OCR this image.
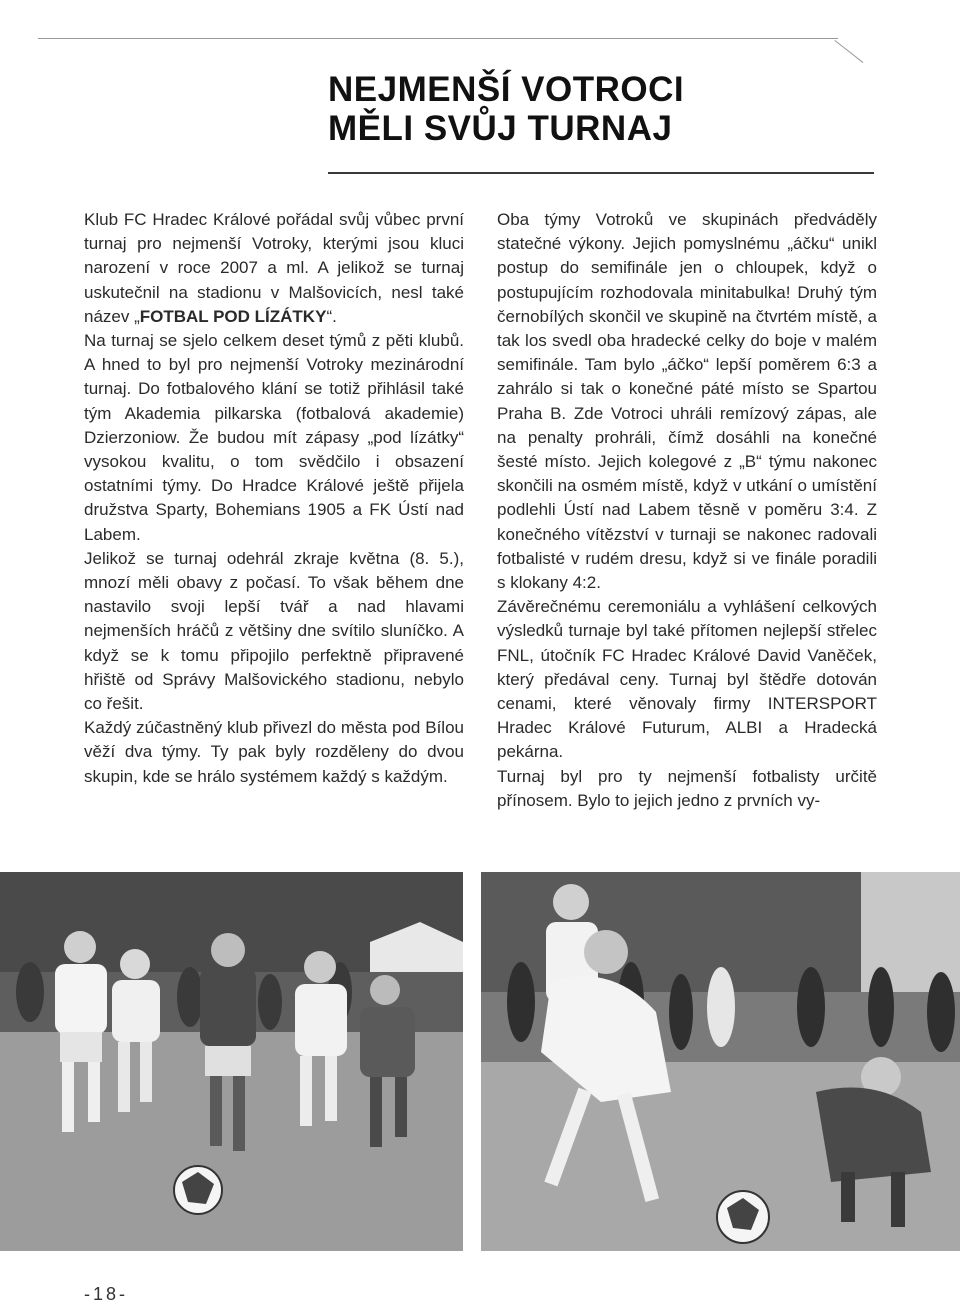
NEJMENŠÍ VOTROCI
MĚLI SVŮJ TURNAJ

Klub FC Hradec Králové pořádal svůj vůbec první turnaj pro nejmenší Votroky, kterými jsou kluci narození v roce 2007 a ml. A jelikož se turnaj uskutečnil na stadionu v Malšovicích, nesl také název „FOTBAL POD LÍZÁTKY“.

Na turnaj se sjelo celkem deset týmů z pěti klubů. A hned to byl pro nejmenší Votroky mezinárodní turnaj. Do fotbalového klání se totiž přihlásil také tým Akademia pilkarska (fotbalová akademie) Dzierzoniow. Že budou mít zápasy „pod lízátky“ vysokou kvalitu, o tom svědčilo i obsazení ostatními týmy. Do Hradce Králové ještě přijela družstva Sparty, Bohemians 1905 a FK Ústí nad Labem.

Jelikož se turnaj odehrál zkraje května (8. 5.), mnozí měli obavy z počasí. To však během dne nastavilo svoji lepší tvář a nad hlavami nejmenších hráčů z většiny dne svítilo sluníčko. A když se k tomu připojilo perfektně připravené hřiště od Správy Malšovického stadionu, nebylo co řešit.

Každý zúčastněný klub přivezl do města pod Bílou věží dva týmy. Ty pak byly rozděleny do dvou skupin, kde se hrálo systémem každý s každým.

Oba týmy Votroků ve skupinách předváděly statečné výkony. Jejich pomyslnému „áčku“ unikl postup do semifinále jen o chloupek, když o postupujícím rozhodovala minitabulka! Druhý tým černobílých skončil ve skupině na čtvrtém místě, a tak los svedl oba hradecké celky do boje v malém semifinále. Tam bylo „áčko“ lepší poměrem 6:3 a zahrálo si tak o konečné páté místo se Spartou Praha B. Zde Votroci uhráli remízový zápas, ale na penalty prohráli, čímž dosáhli na konečné šesté místo. Jejich kolegové z „B“ týmu nakonec skončili na osmém místě, když v utkání o umístění podlehli Ústí nad Labem těsně v poměru 3:4. Z konečného vítězství v turnaji se nakonec radovali fotbalisté v rudém dresu, když si ve finále poradili s klokany 4:2.

Závěrečnému ceremoniálu a vyhlášení celkových výsledků turnaje byl také přítomen nejlepší střelec FNL, útočník FC Hradec Králové David Vaněček, který předával ceny. Turnaj byl štědře dotován cenami, které věnovaly firmy INTERSPORT Hradec Králové Futurum, ALBI a Hradecká pekárna.

Turnaj byl pro ty nejmenší fotbalisty určitě přínosem. Bylo to jejich jedno z prvních vy-

-18-
